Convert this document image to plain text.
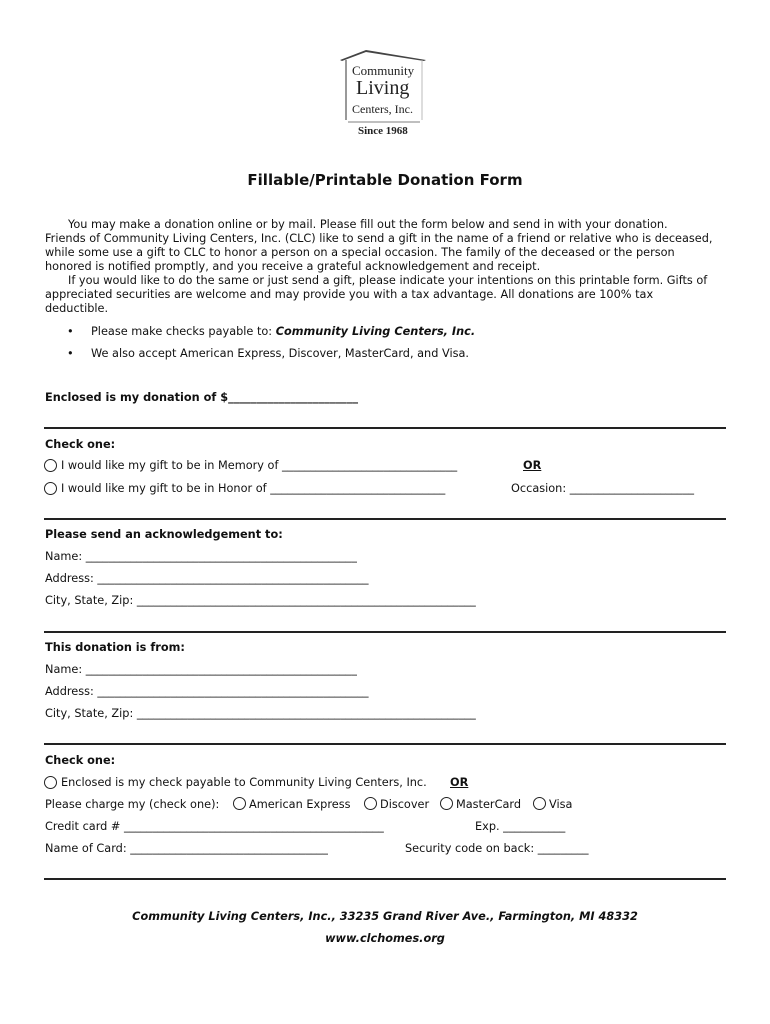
Community
Living
Centers, Inc.
Since 1968
Fillable/Printable Donation Form
You may make a donation online or by mail. Please fill out the form below and send in with your donation.
Friends of Community Living Centers, Inc. (CLC) like to send a gift in the name of a friend or relative who is deceased,
while some use a gift to CLC to honor a person on a special occasion. The family of the deceased or the person
honored is notified promptly, and you receive a grateful acknowledgement and receipt.
If you would like to do the same or just send a gift, please indicate your intentions on this printable form. Gifts of
appreciated securities are welcome and may provide you with a tax advantage. All donations are 100% tax
deductible.
• Please make checks payable to: Community Living Centers, Inc.
• We also accept American Express, Discover, MasterCard, and Visa.
Enclosed is my donation of $_______________________
Check one:
I would like my gift to be in Memory of _______________________________	OR
I would like my gift to be in Honor of _______________________________	Occasion: ______________________
Please send an acknowledgement to:
Name: ________________________________________________
Address: ________________________________________________
City, State, Zip: ____________________________________________________________
This donation is from:
Name: ________________________________________________
Address: ________________________________________________
City, State, Zip: ____________________________________________________________
Check one:
Enclosed is my check payable to Community Living Centers, Inc. OR
Please charge my (check one):	American Express	Discover MasterCard Visa
Credit card # ______________________________________________	Exp. ___________
Name of Card: ___________________________________	Security code on back: _________
Community Living Centers, Inc., 33235 Grand River Ave., Farmington, MI 48332
www.clchomes.org
